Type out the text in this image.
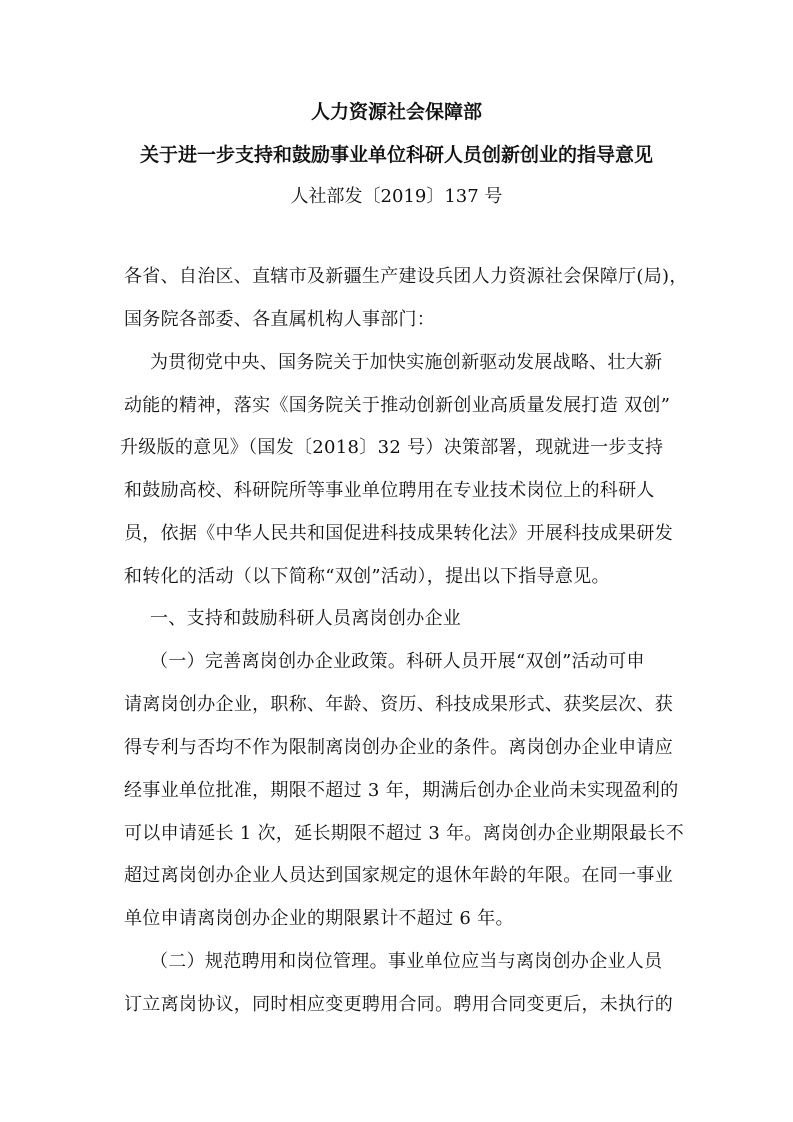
人力资源社会保障部
关于进一步支持和鼓励事业单位科研人员创新创业的指导意见
人社部发〔2019〕137 号
各省、自治区、直辖市及新疆生产建设兵团人力资源社会保障厅(局)，
国务院各部委、各直属机构人事部门：
为贯彻党中央、国务院关于加快实施创新驱动发展战略、壮大新
动能的精神，落实《国务院关于推动创新创业高质量发展打造 双创”
升级版的意见》（国发〔2018〕32 号）决策部署，现就进一步支持
和鼓励高校、科研院所等事业单位聘用在专业技术岗位上的科研人
员，依据《中华人民共和国促进科技成果转化法》开展科技成果研发
和转化的活动（以下简称“双创”活动），提出以下指导意见。
一、支持和鼓励科研人员离岗创办企业
（一）完善离岗创办企业政策。科研人员开展“双创”活动可申
请离岗创办企业，职称、年龄、资历、科技成果形式、获奖层次、获
得专利与否均不作为限制离岗创办企业的条件。离岗创办企业申请应
经事业单位批准，期限不超过 3 年，期满后创办企业尚未实现盈利的
可以申请延长 1 次，延长期限不超过 3 年。离岗创办企业期限最长不
超过离岗创办企业人员达到国家规定的退休年龄的年限。在同一事业
单位申请离岗创办企业的期限累计不超过 6 年。
（二）规范聘用和岗位管理。事业单位应当与离岗创办企业人员
订立离岗协议，同时相应变更聘用合同。聘用合同变更后，未执行的
